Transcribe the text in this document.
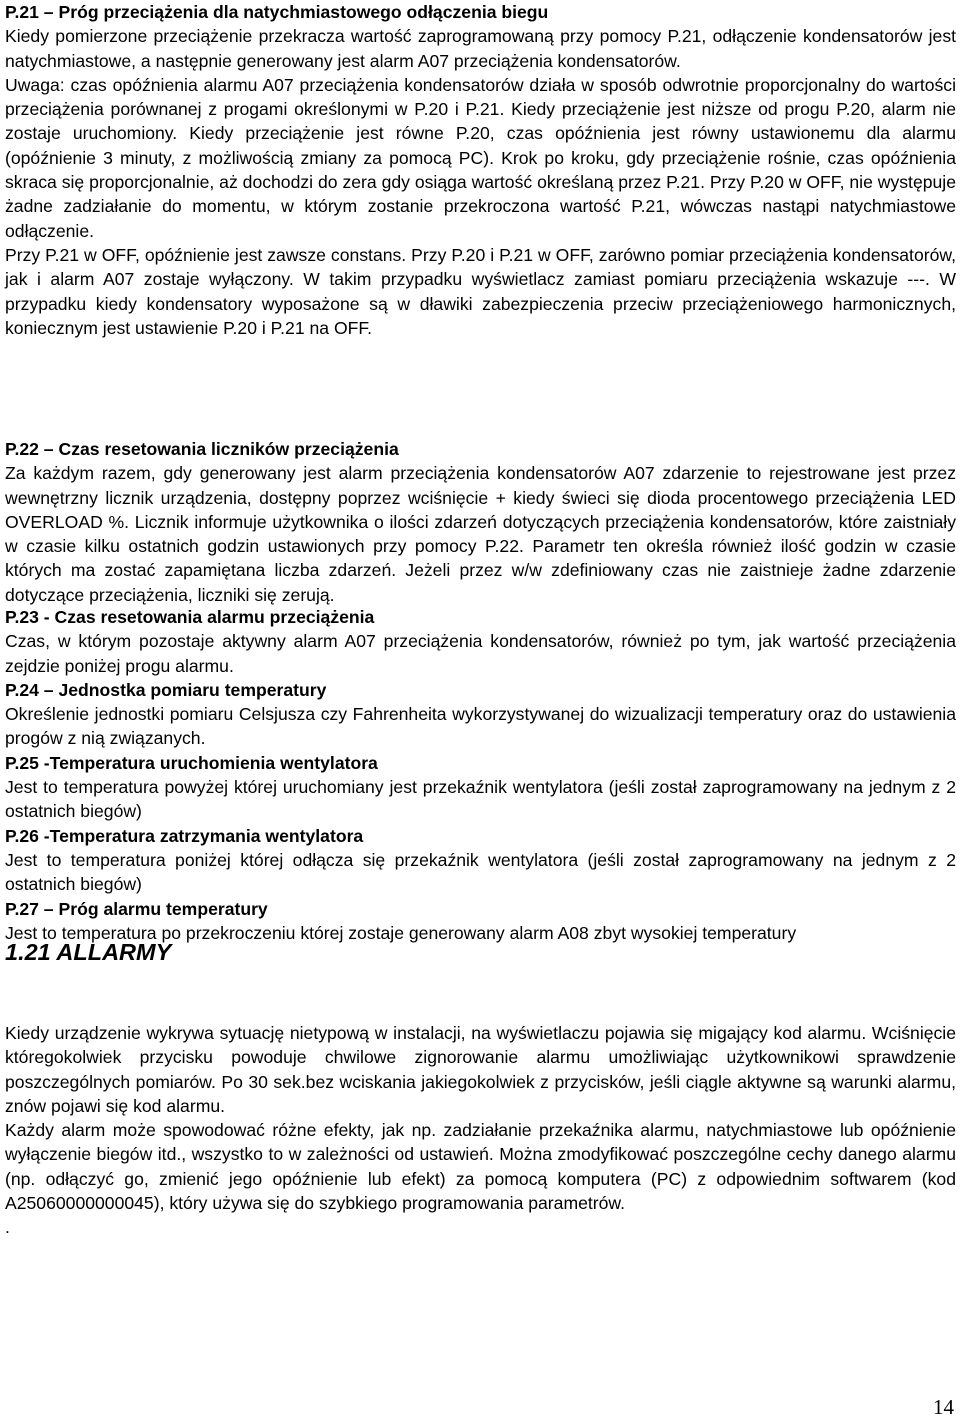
P.21 – Próg przeciążenia dla natychmiastowego odłączenia biegu
Kiedy pomierzone przeciążenie przekracza wartość zaprogramowaną przy pomocy P.21, odłączenie kondensatorów jest natychmiastowe, a następnie generowany jest alarm A07 przeciążenia kondensatorów.
Uwaga: czas opóźnienia alarmu A07 przeciążenia kondensatorów działa w sposób odwrotnie proporcjonalny do wartości przeciążenia porównanej z progami określonymi w P.20 i P.21. Kiedy przeciążenie jest niższe od progu P.20, alarm nie zostaje uruchomiony. Kiedy przeciążenie jest równe P.20, czas opóźnienia jest równy ustawionemu dla alarmu (opóźnienie 3 minuty, z możliwością zmiany za pomocą PC). Krok po kroku, gdy przeciążenie rośnie, czas opóźnienia skraca się proporcjonalnie, aż dochodzi do zera gdy osiąga wartość określaną przez P.21. Przy P.20 w OFF, nie występuje żadne zadziałanie do momentu, w którym zostanie przekroczona wartość P.21, wówczas nastąpi natychmiastowe odłączenie.
Przy P.21 w OFF, opóźnienie jest zawsze constans. Przy P.20 i P.21 w OFF, zarówno pomiar przeciążenia kondensatorów, jak i alarm A07 zostaje wyłączony. W takim przypadku wyświetlacz zamiast pomiaru przeciążenia wskazuje ---. W przypadku kiedy kondensatory wyposażone są w dławiki zabezpieczenia przeciw przeciążeniowego harmonicznych, koniecznym jest ustawienie P.20 i P.21 na OFF.
P.22 – Czas resetowania liczników przeciążenia
Za każdym razem, gdy generowany jest alarm przeciążenia kondensatorów A07 zdarzenie to rejestrowane jest przez wewnętrzny licznik urządzenia, dostępny poprzez wciśnięcie + kiedy świeci się dioda procentowego przeciążenia LED OVERLOAD %. Licznik informuje użytkownika o ilości zdarzeń dotyczących przeciążenia kondensatorów, które zaistniały w czasie kilku ostatnich godzin ustawionych przy pomocy P.22. Parametr ten określa również ilość godzin w czasie których ma zostać zapamiętana liczba zdarzeń. Jeżeli przez w/w zdefiniowany czas nie zaistnieje żadne zdarzenie dotyczące przeciążenia, liczniki się zerują.
P.23 - Czas resetowania alarmu przeciążenia
Czas, w którym pozostaje aktywny alarm A07 przeciążenia kondensatorów, również po tym, jak wartość przeciążenia zejdzie poniżej progu alarmu.
P.24 – Jednostka pomiaru temperatury
Określenie jednostki pomiaru Celsjusza czy Fahrenheita wykorzystywanej do wizualizacji temperatury oraz do ustawienia progów z nią związanych.
P.25 -Temperatura uruchomienia wentylatora
Jest to temperatura powyżej której uruchomiany jest przekaźnik wentylatora (jeśli został zaprogramowany na jednym z 2 ostatnich biegów)
P.26 -Temperatura zatrzymania wentylatora
Jest to temperatura poniżej której odłącza się przekaźnik wentylatora (jeśli został zaprogramowany na jednym z 2 ostatnich biegów)
P.27 – Próg alarmu temperatury
Jest to temperatura po przekroczeniu której zostaje generowany alarm A08 zbyt wysokiej temperatury
1.21 ALLARMY
Kiedy urządzenie wykrywa sytuację nietypową w instalacji, na wyświetlaczu pojawia się migający kod alarmu. Wciśnięcie któregokolwiek przycisku powoduje chwilowe zignorowanie alarmu umożliwiając użytkownikowi sprawdzenie poszczególnych pomiarów. Po 30 sek.bez wciskania jakiegokolwiek z przycisków, jeśli ciągle aktywne są warunki alarmu, znów pojawi się kod alarmu.
Każdy alarm może spowodować różne efekty, jak np. zadziałanie przekaźnika alarmu, natychmiastowe lub opóźnienie wyłączenie biegów itd., wszystko to w zależności od ustawień. Można zmodyfikować poszczególne cechy danego alarmu (np. odłączyć go, zmienić jego opóźnienie lub efekt) za pomocą komputera (PC) z odpowiednim softwarem (kod A25060000000045), który używa się do szybkiego programowania parametrów.
.
14
